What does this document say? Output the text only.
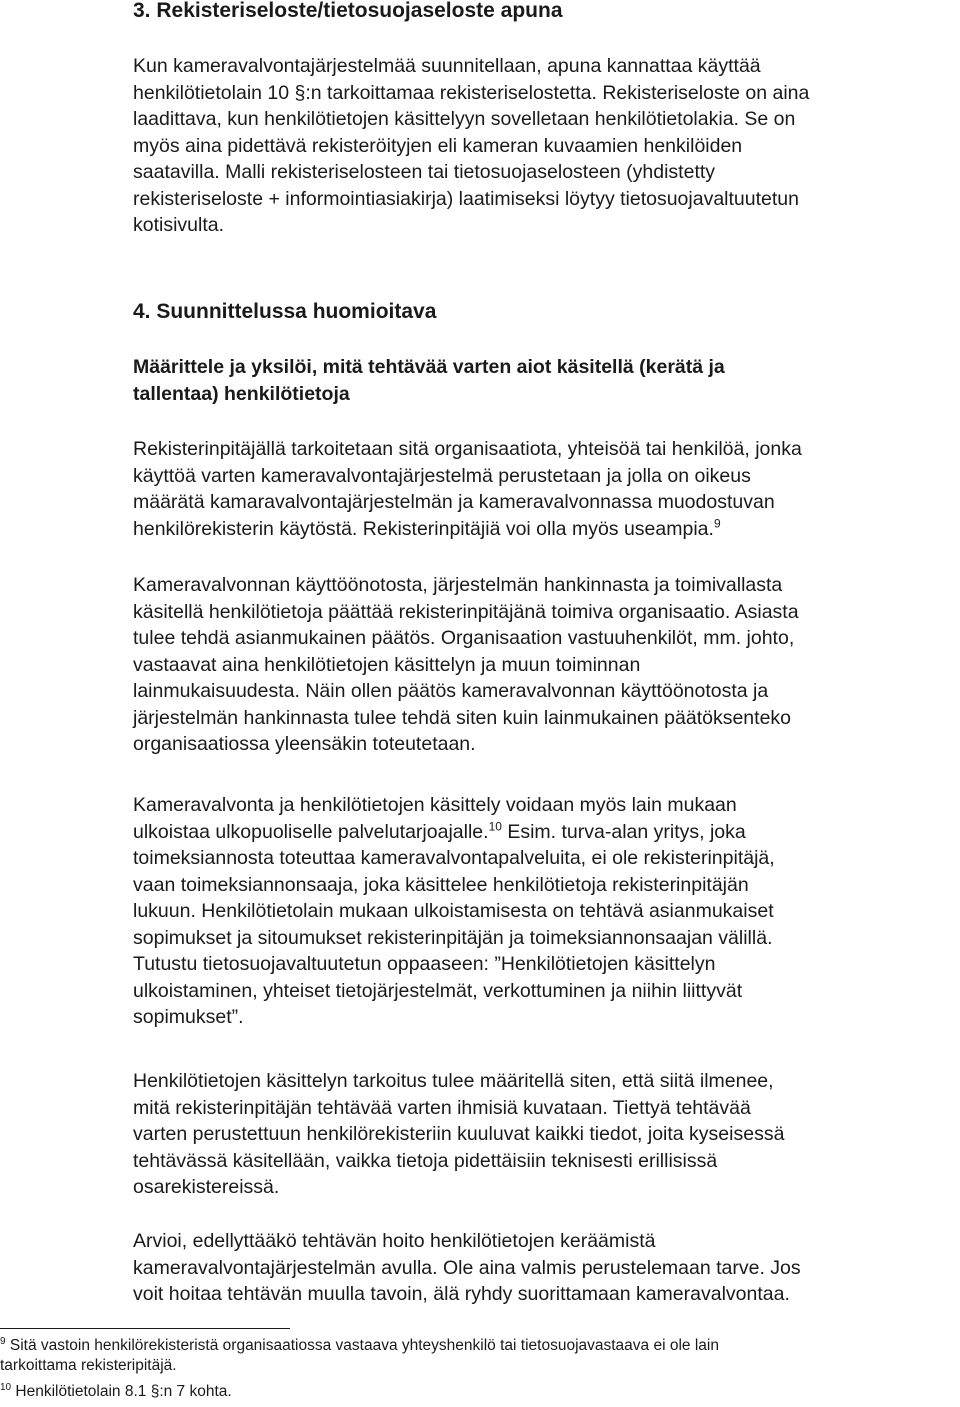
3. Rekisteriseloste/tietosuojaseloste apuna
Kun kameravalvontajärjestelmää suunnitellaan, apuna kannattaa käyttää
henkilötietolain 10 §:n tarkoittamaa rekisteriselostetta. Rekisteriseloste on aina
laadittava, kun henkilötietojen käsittelyyn sovelletaan henkilötietolakia. Se on
myös aina pidettävä rekisteröityjen eli kameran kuvaamien henkilöiden
saatavilla. Malli rekisteriselosteen tai tietosuojaselosteen (yhdistetty
rekisteriseloste + informointiasiakirja) laatimiseksi löytyy tietosuojavaltuutetun
kotisivulta.
4. Suunnittelussa huomioitava
Määrittele ja yksilöi, mitä tehtävää varten aiot käsitellä (kerätä ja
tallentaa) henkilötietoja
Rekisterinpitäjällä tarkoitetaan sitä organisaatiota, yhteisöä tai henkilöä, jonka
käyttöä varten kameravalvontajärjestelmä perustetaan ja jolla on oikeus
määrätä kamaravalvontajärjestelmän ja kameravalvonnassa muodostuvan
henkilörekisterin käytöstä. Rekisterinpitäjiä voi olla myös useampia.$^9$
Kameravalvonnan käyttöönotosta, järjestelmän hankinnasta ja toimivallasta
käsitellä henkilötietoja päättää rekisterinpitäjänä toimiva organisaatio. Asiasta
tulee tehdä asianmukainen päätös. Organisaation vastuuhenkilöt, mm. johto,
vastaavat aina henkilötietojen käsittelyn ja muun toiminnan
lainmukaisuudesta. Näin ollen päätös kameravalvonnan käyttöönotosta ja
järjestelmän hankinnasta tulee tehdä siten kuin lainmukainen päätöksenteko
organisaatiossa yleensäkin toteutetaan.
Kameravalvonta ja henkilötietojen käsittely voidaan myös lain mukaan
ulkoistaa ulkopuoliselle palvelutarjoajalle.$^{10}$ Esim. turva-alan yritys, joka
toimeksiannosta toteuttaa kameravalvontapalveluita, ei ole rekisterinpitäjä,
vaan toimeksiannonsaaja, joka käsittelee henkilötietoja rekisterinpitäjän
lukuun. Henkilötietolain mukaan ulkoistamisesta on tehtävä asianmukaiset
sopimukset ja sitoumukset rekisterinpitäjän ja toimeksiannonsaajan välillä.
Tutustu tietosuojavaltuutetun oppaaseen: ”Henkilötietojen käsittelyn
ulkoistaminen, yhteiset tietojärjestelmät, verkottuminen ja niihin liittyvät
sopimukset”.
Henkilötietojen käsittelyn tarkoitus tulee määritellä siten, että siitä ilmenee,
mitä rekisterinpitäjän tehtävää varten ihmisiä kuvataan. Tiettyä tehtävää
varten perustettuun henkilörekisteriin kuuluvat kaikki tiedot, joita kyseisessä
tehtävässä käsitellään, vaikka tietoja pidettäisiin teknisesti erillisissä
osarekistereissä.
Arvioi, edellyttääkö tehtävän hoito henkilötietojen keräämistä
kameravalvontajärjestelmän avulla. Ole aina valmis perustelemaan tarve. Jos
voit hoitaa tehtävän muulla tavoin, älä ryhdy suorittamaan kameravalvontaa.
$^9$ Sitä vastoin henkilörekisteristä organisaatiossa vastaava yhteyshenkilö tai tietosuojavastaava ei ole lain
tarkoittama rekisteripitäjä.
$^{10}$ Henkilötietolain 8.1 §:n 7 kohta.
